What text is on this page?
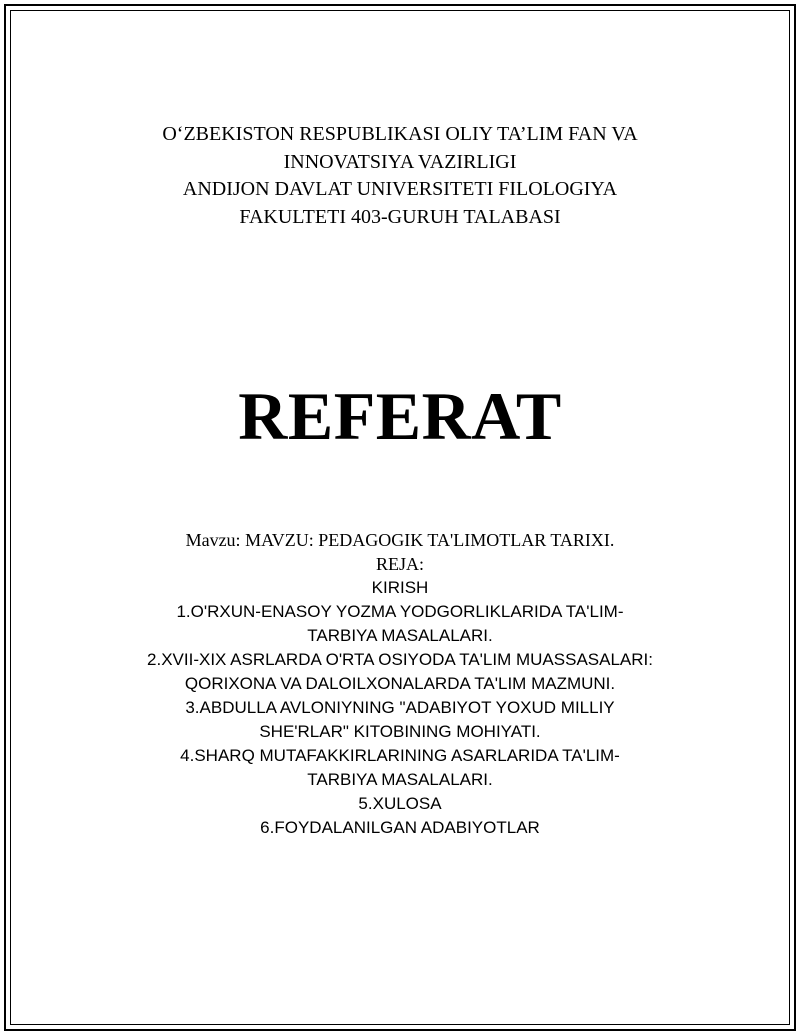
O‘ZBEKISTON RESPUBLIKASI OLIY TA’LIM FAN VA
INNOVATSIYA VAZIRLIGI
ANDIJON DAVLAT UNIVERSITETI FILOLOGIYA
FAKULTETI 403-GURUH TALABASI
REFERAT
Mavzu: MAVZU: PEDAGOGIK TA'LIMOTLAR TARIXI.
REJA:
KIRISH
1.O'RXUN-ENASOY YOZMA YODGORLIKLARIDA TA'LIM-
TARBIYA MASALALARI.
2.XVII-XIX ASRLARDA O'RTA OSIYODA TA'LIM MUASSASALARI:
QORIXONA VA DALOILXONALARDA TA'LIM MAZMUNI.
3.ABDULLA AVLONIYNING "ADABIYOT YOXUD MILLIY
SHE'RLAR" KITOBINING MOHIYATI.
4.SHARQ MUTAFAKKIRLARINING ASARLARIDA TA'LIM-
TARBIYA MASALALARI.
5.XULOSA
6.FOYDALANILGAN ADABIYOTLAR
